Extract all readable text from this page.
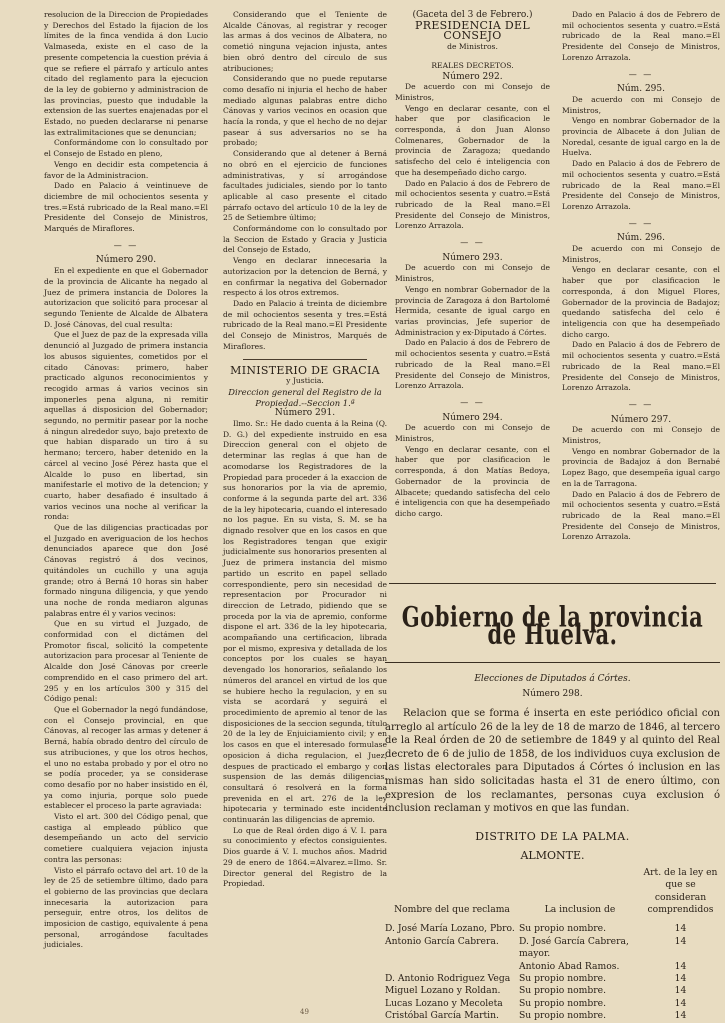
resolucion de la Direccion de Propiedades y Derechos del Estado la fijacion de los límites de la finca vendida á don Lucio Valmaseda, existe en el caso de la presente competencia la cuestion prévia á que se refiere el párrafo y artículo antes citado del reglamento para la ejecucion de la ley de gobierno y administracion de las provincias, puesto que indudable la extension de las suertes enajenadas por el Estado, no pueden declararse ni penarse las extralimitaciones que se denuncian;

Conformándome con lo consultado por el Consejo de Estado en pleno,

Vengo en decidir esta competencia á favor de la Administracion.

Dado en Palacio á veintinueve de diciembre de mil ochocientos sesenta y tres.=Está rubricado de la Real mano.=El Presidente del Consejo de Ministros, Marqués de Miraflores.

— —

Número 290.

En el expediente en que el Gobernador de la provincia de Alicante ha negado al Juez de primera instancia de Dolores la autorizacion que solicitó para procesar al segundo Teniente de Alcalde de Albatera D. José Cánovas, del cual resulta:

Que el Juez de paz de la expresada villa denunció al Juzgado de primera instancia los abusos siguientes, cometidos por el citado Cánovas: primero, haber practicado algunos reconocimientos y recogido armas á varios vecinos sin imponerles pena alguna, ni remitir aquellas á disposicion del Gobernador; segundo, no permitir pasear por la noche á ningun alrededor suyo, bajo pretexto de que habian disparado un tiro á su hermano; tercero, haber detenido en la cárcel al vecino José Pérez hasta que el Alcalde lo puso en libertad, sin manifestarle el motivo de la detencion; y cuarto, haber desafiado é insultado á varios vecinos una noche al verificar la ronda:

Que de las diligencias practicadas por el Juzgado en averiguacion de los hechos denunciados aparece que don José Cánovas registró á dos vecinos, quitándoles un cuchillo y una aguja grande; otro á Berná 10 horas sin haber formado ninguna diligencia, y que yendo una noche de ronda mediaron algunas palabras entre él y varios vecinos:

Que en su virtud el Juzgado, de conformidad con el dictámen del Promotor fiscal, solicitó la competente autorizacion para procesar al Teniente de Alcalde don José Cánovas por creerle comprendido en el caso primero del art. 295 y en los artículos 300 y 315 del Código penal:

Que el Gobernador la negó fundándose, con el Consejo provincial, en que Cánovas, al recoger las armas y detener á Berná, había obrado dentro del círculo de sus atribuciones, y que los otros hechos, el uno no estaba probado y por el otro no se podía proceder, ya se considerase como desafío por no haber insistido en él, ya como injuria, porque solo puede establecer el proceso la parte agraviada:

Visto el art. 300 del Código penal, que castiga al empleado público que desempeñando un acto del servicio cometiere cualquiera vejacion injusta contra las personas:

Visto el párrafo octavo del art. 10 de la ley de 25 de setiembre último, dado para el gobierno de las provincias que declara innecesaria la autorizacion para perseguir, entre otros, los delitos de imposicion de castigo, equivalente á pena personal, arrogándose facultades judiciales.

Considerando que el Teniente de Alcalde Cánovas, al registrar y recoger las armas á dos vecinos de Albatera, no cometió ninguna vejacion injusta, antes bien obró dentro del círculo de sus atribuciones;

Considerando que no puede reputarse como desafío ni injuria el hecho de haber mediado algunas palabras entre dicho Cánovas y varios vecinos en ocasion que hacía la ronda, y que el hecho de no dejar pasear á sus adversarios no se ha probado;

Considerando que al detener á Berná no obró en el ejercicio de funciones administrativas, y sí arrogándose facultades judiciales, siendo por lo tanto aplicable al caso presente el citado párrafo octavo del artículo 10 de la ley de 25 de Setiembre último;

Conformándome con lo consultado por la Seccion de Estado y Gracia y Justicia del Consejo de Estado,

Vengo en declarar innecesaria la autorizacion por la detencion de Berná, y en confirmar la negativa del Gobernador respecto á los otros extremos.

Dado en Palacio á treinta de diciembre de mil ochocientos sesenta y tres.=Está rubricado de la Real mano.=El Presidente del Consejo de Ministros, Marqués de Miraflores.

MINISTERIO DE GRACIA

y Justicia.

Direccion general del Registro de la Propiedad.--Seccion 1.ª

Número 291.

Ilmo. Sr.: He dado cuenta á la Reina (Q. D. G.) del expediente instruido en esa Direccion general con el objeto de determinar las reglas á que han de acomodarse los Registradores de la Propiedad para proceder á la exaccion de sus honorarios por la via de apremio, conforme á la segunda parte del art. 336 de la ley hipotecaria, cuando el interesado no los pague. En su vista, S. M. se ha dignado resolver que en los casos en que los Registradores tengan que exigir judicialmente sus honorarios presenten al Juez de primera instancia del mismo partido un escrito en papel sellado correspondiente, pero sin necesidad de representacion por Procurador ni direccion de Letrado, pidiendo que se proceda por la via de apremio, conforme dispone el art. 336 de la ley hipotecaria, acompañando una certificacion, librada por el mismo, expresiva y detallada de los conceptos por los cuales se hayan devengado los honorarios, señalando los números del arancel en virtud de los que se hubiere hecho la regulacion, y en su vista se acordará y seguirá el procedimiento de apremio al tenor de las disposiciones de la seccion segunda, título 20 de la ley de Enjuiciamiento civil; y en los casos en que el interesado formulase oposicion á dicha regulacion, el Juez, despues de practicado el embargo y con suspension de las demás diligencias, consultará ó resolverá en la forma prevenida en el art. 276 de la ley hipotecaria y terminado este incidente continuarán las diligencias de apremio.

Lo que de Real órden digo á V. I. para su conocimiento y efectos consiguientes. Dios guarde á V. I. muchos años. Madrid 29 de enero de 1864.=Alvarez.=Ilmo. Sr. Director general del Registro de la Propiedad.

(Gaceta del 3 de Febrero.)

PRESIDENCIA DEL CONSEJO

de Ministros.

REALES DECRETOS.

Número 292.

De acuerdo con mi Consejo de Ministros,

Vengo en declarar cesante, con el haber que por clasificacion le corresponda, á don Juan Alonso Colmenares, Gobernador de la provincia de Zaragoza; quedando satisfecho del celo é inteligencia con que ha desempeñado dicho cargo.

Dado en Palacio á dos de Febrero de mil ochocientos sesenta y cuatro.=Está rubricado de la Real mano.=El Presidente del Consejo de Ministros, Lorenzo Arrazola.

— —

Número 293.

De acuerdo con mi Consejo de Ministros,

Vengo en nombrar Gobernador de la provincia de Zaragoza á don Bartolomé Hermida, cesante de igual cargo en varias provincias, Jefe superior de Administracion y ex-Diputado á Córtes.

Dado en Palacio á dos de Febrero de mil ochocientos sesenta y cuatro.=Está rubricado de la Real mano.=El Presidente del Consejo de Ministros, Lorenzo Arrazola.

— —

Número 294.

De acuerdo con mi Consejo de Ministros,

Vengo en declarar cesante, con el haber que por clasificacion le corresponda, á don Matías Bedoya, Gobernador de la provincia de Albacete; quedando satisfecha del celo é inteligencia con que ha desempeñado dicho cargo.

Dado en Palacio á dos de Febrero de mil ochocientos sesenta y cuatro.=Está rubricado de la Real mano.=El Presidente del Consejo de Ministros, Lorenzo Arrazola.

— —

Núm. 295.

De acuerdo con mi Consejo de Ministros,

Vengo en nombrar Gobernador de la provincia de Albacete á don Julian de Noredal, cesante de igual cargo en la de Huelva.

Dado en Palacio á dos de Febrero de mil ochocientos sesenta y cuatro.=Está rubricado de la Real mano.=El Presidente del Consejo de Ministros, Lorenzo Arrazola.

— —

Núm. 296.

De acuerdo con mi Consejo de Ministros,

Vengo en declarar cesante, con el haber que por clasificacion le corresponda, á don Miguel Flores, Gobernador de la provincia de Badajoz; quedando satisfecha del celo é inteligencia con que ha desempeñado dicho cargo.

Dado en Palacio á dos de Febrero de mil ochocientos sesenta y cuatro.=Está rubricado de la Real mano.=El Presidente del Consejo de Ministros, Lorenzo Arrazola.

— —

Número 297.

De acuerdo con mi Consejo de Ministros,

Vengo en nombrar Gobernador de la provincia de Badajoz á don Bernabé Lopez Bago, que desempeña igual cargo en la de Tarragona.

Dado en Palacio á dos de Febrero de mil ochocientos sesenta y cuatro.=Está rubricado de la Real mano.=El Presidente del Consejo de Ministros, Lorenzo Arrazola.

Gobierno de la provincia de Huelva.

Elecciones de Diputados á Córtes.

Número 298.

Relacion que se forma é inserta en este periódico oficial con arreglo al artículo 26 de la ley de 18 de marzo de 1846, al tercero de la Real órden de 20 de setiembre de 1849 y al quinto del Real decreto de 6 de julio de 1858, de los individuos cuya exclusion de las listas electorales para Diputados á Córtes ó inclusion en las mismas han sido solicitadas hasta el 31 de enero último, con expresion de los reclamantes, personas cuya exclusion ó inclusion reclaman y motivos en que las fundan.

DISTRITO DE LA PALMA.

ALMONTE.

Nombre del que reclama	La inclusion de	Art. de la ley en que se consideran comprendidos

D. José María Lozano, Pbro.	Su propio nombre.	14
Antonio García Cabrera.	D. José García Cabrera, mayor.	14
	Antonio Abad Ramos.	14
D. Antonio Rodriguez Vega	Su propio nombre.	14
Miguel Lozano y Roldan.	Su propio nombre.	14
Lucas Lozano y Mecoleta	Su propio nombre.	14
Cristóbal García Martin.	Su propio nombre.	14
49
